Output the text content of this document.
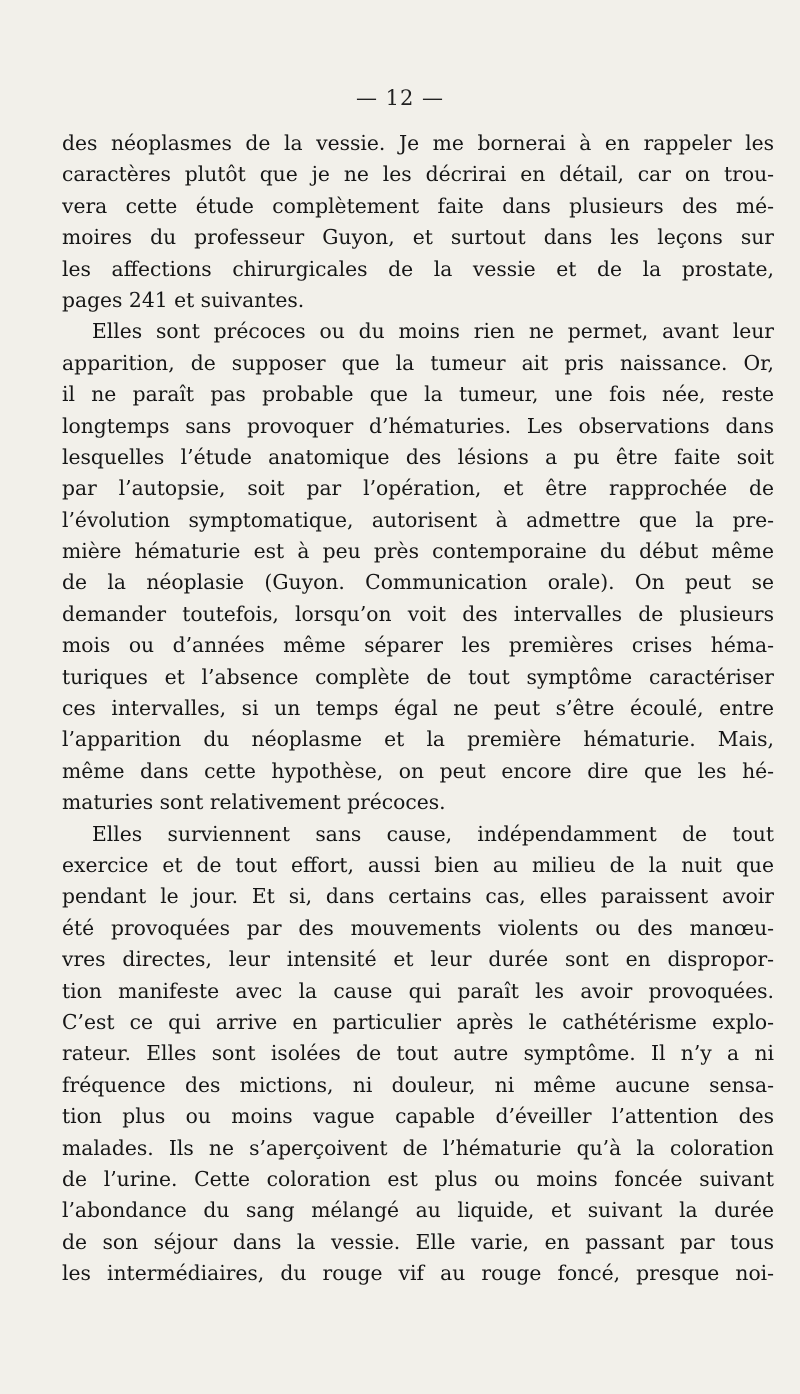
— 12 —
des néoplasmes de la vessie. Je me bornerai à en rappeler les
caractères plutôt que je ne les décrirai en détail, car on trou-
vera cette étude complètement faite dans plusieurs des mé-
moires du professeur Guyon, et surtout dans les leçons sur
les affections chirurgicales de la vessie et de la prostate,
pages 241 et suivantes.
Elles sont précoces ou du moins rien ne permet, avant leur
apparition, de supposer que la tumeur ait pris naissance. Or,
il ne paraît pas probable que la tumeur, une fois née, reste
longtemps sans provoquer d’hématuries. Les observations dans
lesquelles l’étude anatomique des lésions a pu être faite soit
par l’autopsie, soit par l’opération, et être rapprochée de
l’évolution symptomatique, autorisent à admettre que la pre-
mière hématurie est à peu près contemporaine du début même
de la néoplasie (Guyon. Communication orale). On peut se
demander toutefois, lorsqu’on voit des intervalles de plusieurs
mois ou d’années même séparer les premières crises héma-
turiques et l’absence complète de tout symptôme caractériser
ces intervalles, si un temps égal ne peut s’être écoulé, entre
l’apparition du néoplasme et la première hématurie. Mais,
même dans cette hypothèse, on peut encore dire que les hé-
maturies sont relativement précoces.
Elles surviennent sans cause, indépendamment de tout
exercice et de tout effort, aussi bien au milieu de la nuit que
pendant le jour. Et si, dans certains cas, elles paraissent avoir
été provoquées par des mouvements violents ou des manœu-
vres directes, leur intensité et leur durée sont en dispropor-
tion manifeste avec la cause qui paraît les avoir provoquées.
C’est ce qui arrive en particulier après le cathétérisme explo-
rateur. Elles sont isolées de tout autre symptôme. Il n’y a ni
fréquence des mictions, ni douleur, ni même aucune sensa-
tion plus ou moins vague capable d’éveiller l’attention des
malades. Ils ne s’aperçoivent de l’hématurie qu’à la coloration
de l’urine. Cette coloration est plus ou moins foncée suivant
l’abondance du sang mélangé au liquide, et suivant la durée
de son séjour dans la vessie. Elle varie, en passant par tous
les intermédiaires, du rouge vif au rouge foncé, presque noi-
